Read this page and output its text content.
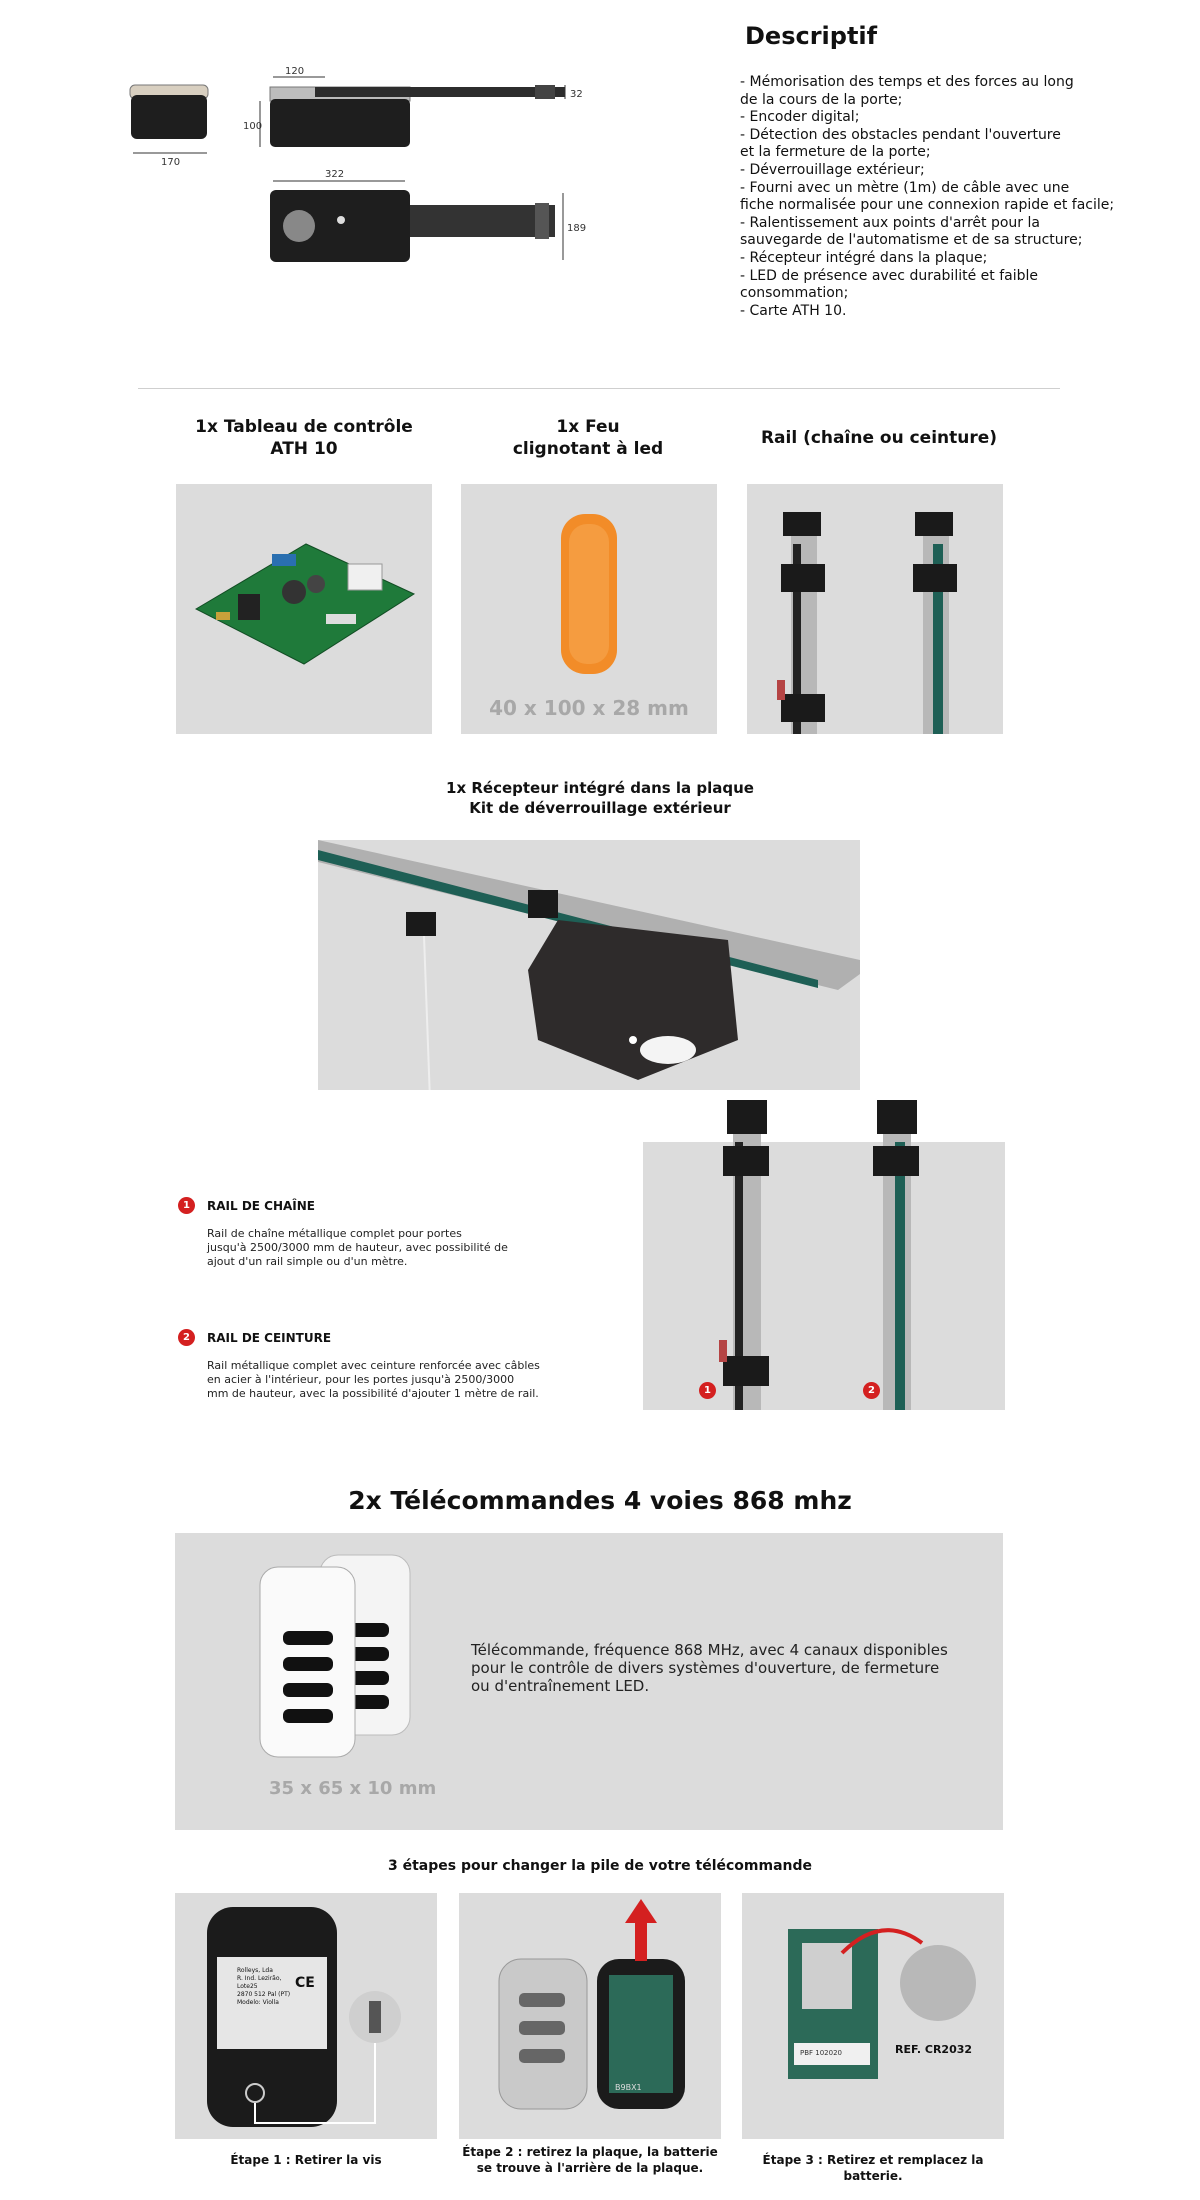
170
120
100
32
322
189
Descriptif
- Mémorisation des temps et des forces au long
de la cours de la porte;
- Encoder digital;
- Détection des obstacles pendant l'ouverture
et la fermeture de la porte;
- Déverrouillage extérieur;
- Fourni avec un mètre (1m) de câble avec une
fiche normalisée pour une connexion rapide et facile;
- Ralentissement aux points d'arrêt pour la
sauvegarde de l'automatisme et de sa structure;
- Récepteur intégré dans la plaque;
- LED de présence avec durabilité et faible
consommation;
- Carte ATH 10.
1x Tableau de contrôle
ATH 10
1x Feu
clignotant à led
Rail (chaîne ou ceinture)
40 x 100 x 28 mm
1x Récepteur intégré dans la plaque
Kit de déverrouillage extérieur
1	RAIL DE CHAÎNE
Rail de chaîne métallique complet pour portes
jusqu'à 2500/3000 mm de hauteur, avec possibilité de
ajout d'un rail simple ou d'un mètre.
2	RAIL DE CEINTURE
Rail métallique complet avec ceinture renforcée avec câbles
en acier à l'intérieur, pour les portes jusqu'à 2500/3000
mm de hauteur, avec la possibilité d'ajouter 1 mètre de rail.	1	2
2x Télécommandes 4 voies 868 mhz
35 x 65 x 10 mm
Télécommande, fréquence 868 MHz, avec 4 canaux disponibles
pour le contrôle de divers systèmes d'ouverture, de fermeture
ou d'entraînement LED.
3 étapes pour changer la pile de votre télécommande
Rolleys, Lda
R. Ind. Lezirão,
Lote25
2870 512 Pal (PT)
Modelo: Violla
CE
B9BX1
PBF 102020	REF. CR2032
Étape 1 : Retirer la vis
Étape 2 : retirez la plaque, la batterie
se trouve à l'arrière de la plaque.
Étape 3 : Retirez et remplacez la batterie.
